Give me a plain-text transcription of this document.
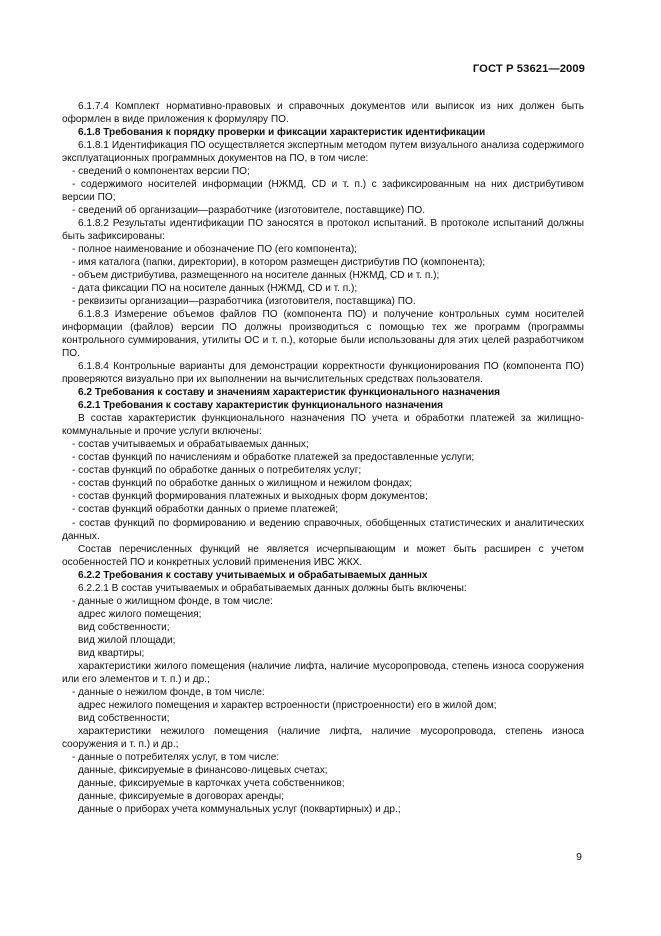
ГОСТ Р 53621—2009

6.1.7.4 Комплект нормативно-правовых и справочных документов или выписок из них должен быть оформлен в виде приложения к формуляру ПО.

6.1.8 Требования к порядку проверки и фиксации характеристик идентификации

6.1.8.1 Идентификация ПО осуществляется экспертным методом путем визуального анализа содержимого эксплуатационных программных документов на ПО, в том числе:

- сведений о компонентах версии ПО;

- содержимого носителей информации (НЖМД, CD и т. п.) с зафиксированным на них дистрибутивом версии ПО;

- сведений об организации—разработчике (изготовителе, поставщике) ПО.

6.1.8.2 Результаты идентификации ПО заносятся в протокол испытаний. В протоколе испытаний должны быть зафиксированы:

- полное наименование и обозначение ПО (его компонента);

- имя каталога (папки, директории), в котором размещен дистрибутив ПО (компонента);

- объем дистрибутива, размещенного на носителе данных (НЖМД, CD и т. п.);

- дата фиксации ПО на носителе данных (НЖМД, CD и т. п.);

- реквизиты организации—разработчика (изготовителя, поставщика) ПО.

6.1.8.3 Измерение объемов файлов ПО (компонента ПО) и получение контрольных сумм носителей информации (файлов) версии ПО должны производиться с помощью тех же программ (программы контрольного суммирования, утилиты ОС и т. п.), которые были использованы для этих целей разработчиком ПО.

6.1.8.4 Контрольные варианты для демонстрации корректности функционирования ПО (компонента ПО) проверяются визуально при их выполнении на вычислительных средствах пользователя.

6.2 Требования к составу и значениям характеристик функционального назначения

6.2.1 Требования к составу характеристик функционального назначения

В состав характеристик функционального назначения ПО учета и обработки платежей за жилищно-коммунальные и прочие услуги включены:

- состав учитываемых и обрабатываемых данных;

- состав функций по начислениям и обработке платежей за предоставленные услуги;

- состав функций по обработке данных о потребителях услуг;

- состав функций по обработке данных о жилищном и нежилом фондах;

- состав функций формирования платежных и выходных форм документов;

- состав функций обработки данных о приеме платежей;

- состав функций по формированию и ведению справочных, обобщенных статистических и аналитических данных.

Состав перечисленных функций не является исчерпывающим и может быть расширен с учетом особенностей ПО и конкретных условий применения ИВС ЖКХ.

6.2.2 Требования к составу учитываемых и обрабатываемых данных

6.2.2.1 В состав учитываемых и обрабатываемых данных должны быть включены:

- данные о жилищном фонде, в том числе:

адрес жилого помещения;

вид собственности;

вид жилой площади;

вид квартиры;

характеристики жилого помещения (наличие лифта, наличие мусоропровода, степень износа сооружения или его элементов и т. п.) и др.;

- данные о нежилом фонде, в том числе:

адрес нежилого помещения и характер встроенности (пристроенности) его в жилой дом;

вид собственности;

характеристики нежилого помещения (наличие лифта, наличие мусоропровода, степень износа сооружения и т. п.) и др.;

- данные о потребителях услуг, в том числе:

данные, фиксируемые в финансово-лицевых счетах;

данные, фиксируемые в карточках учета собственников;

данные, фиксируемые в договорах аренды;

данные о приборах учета коммунальных услуг (поквартирных) и др.;

9
